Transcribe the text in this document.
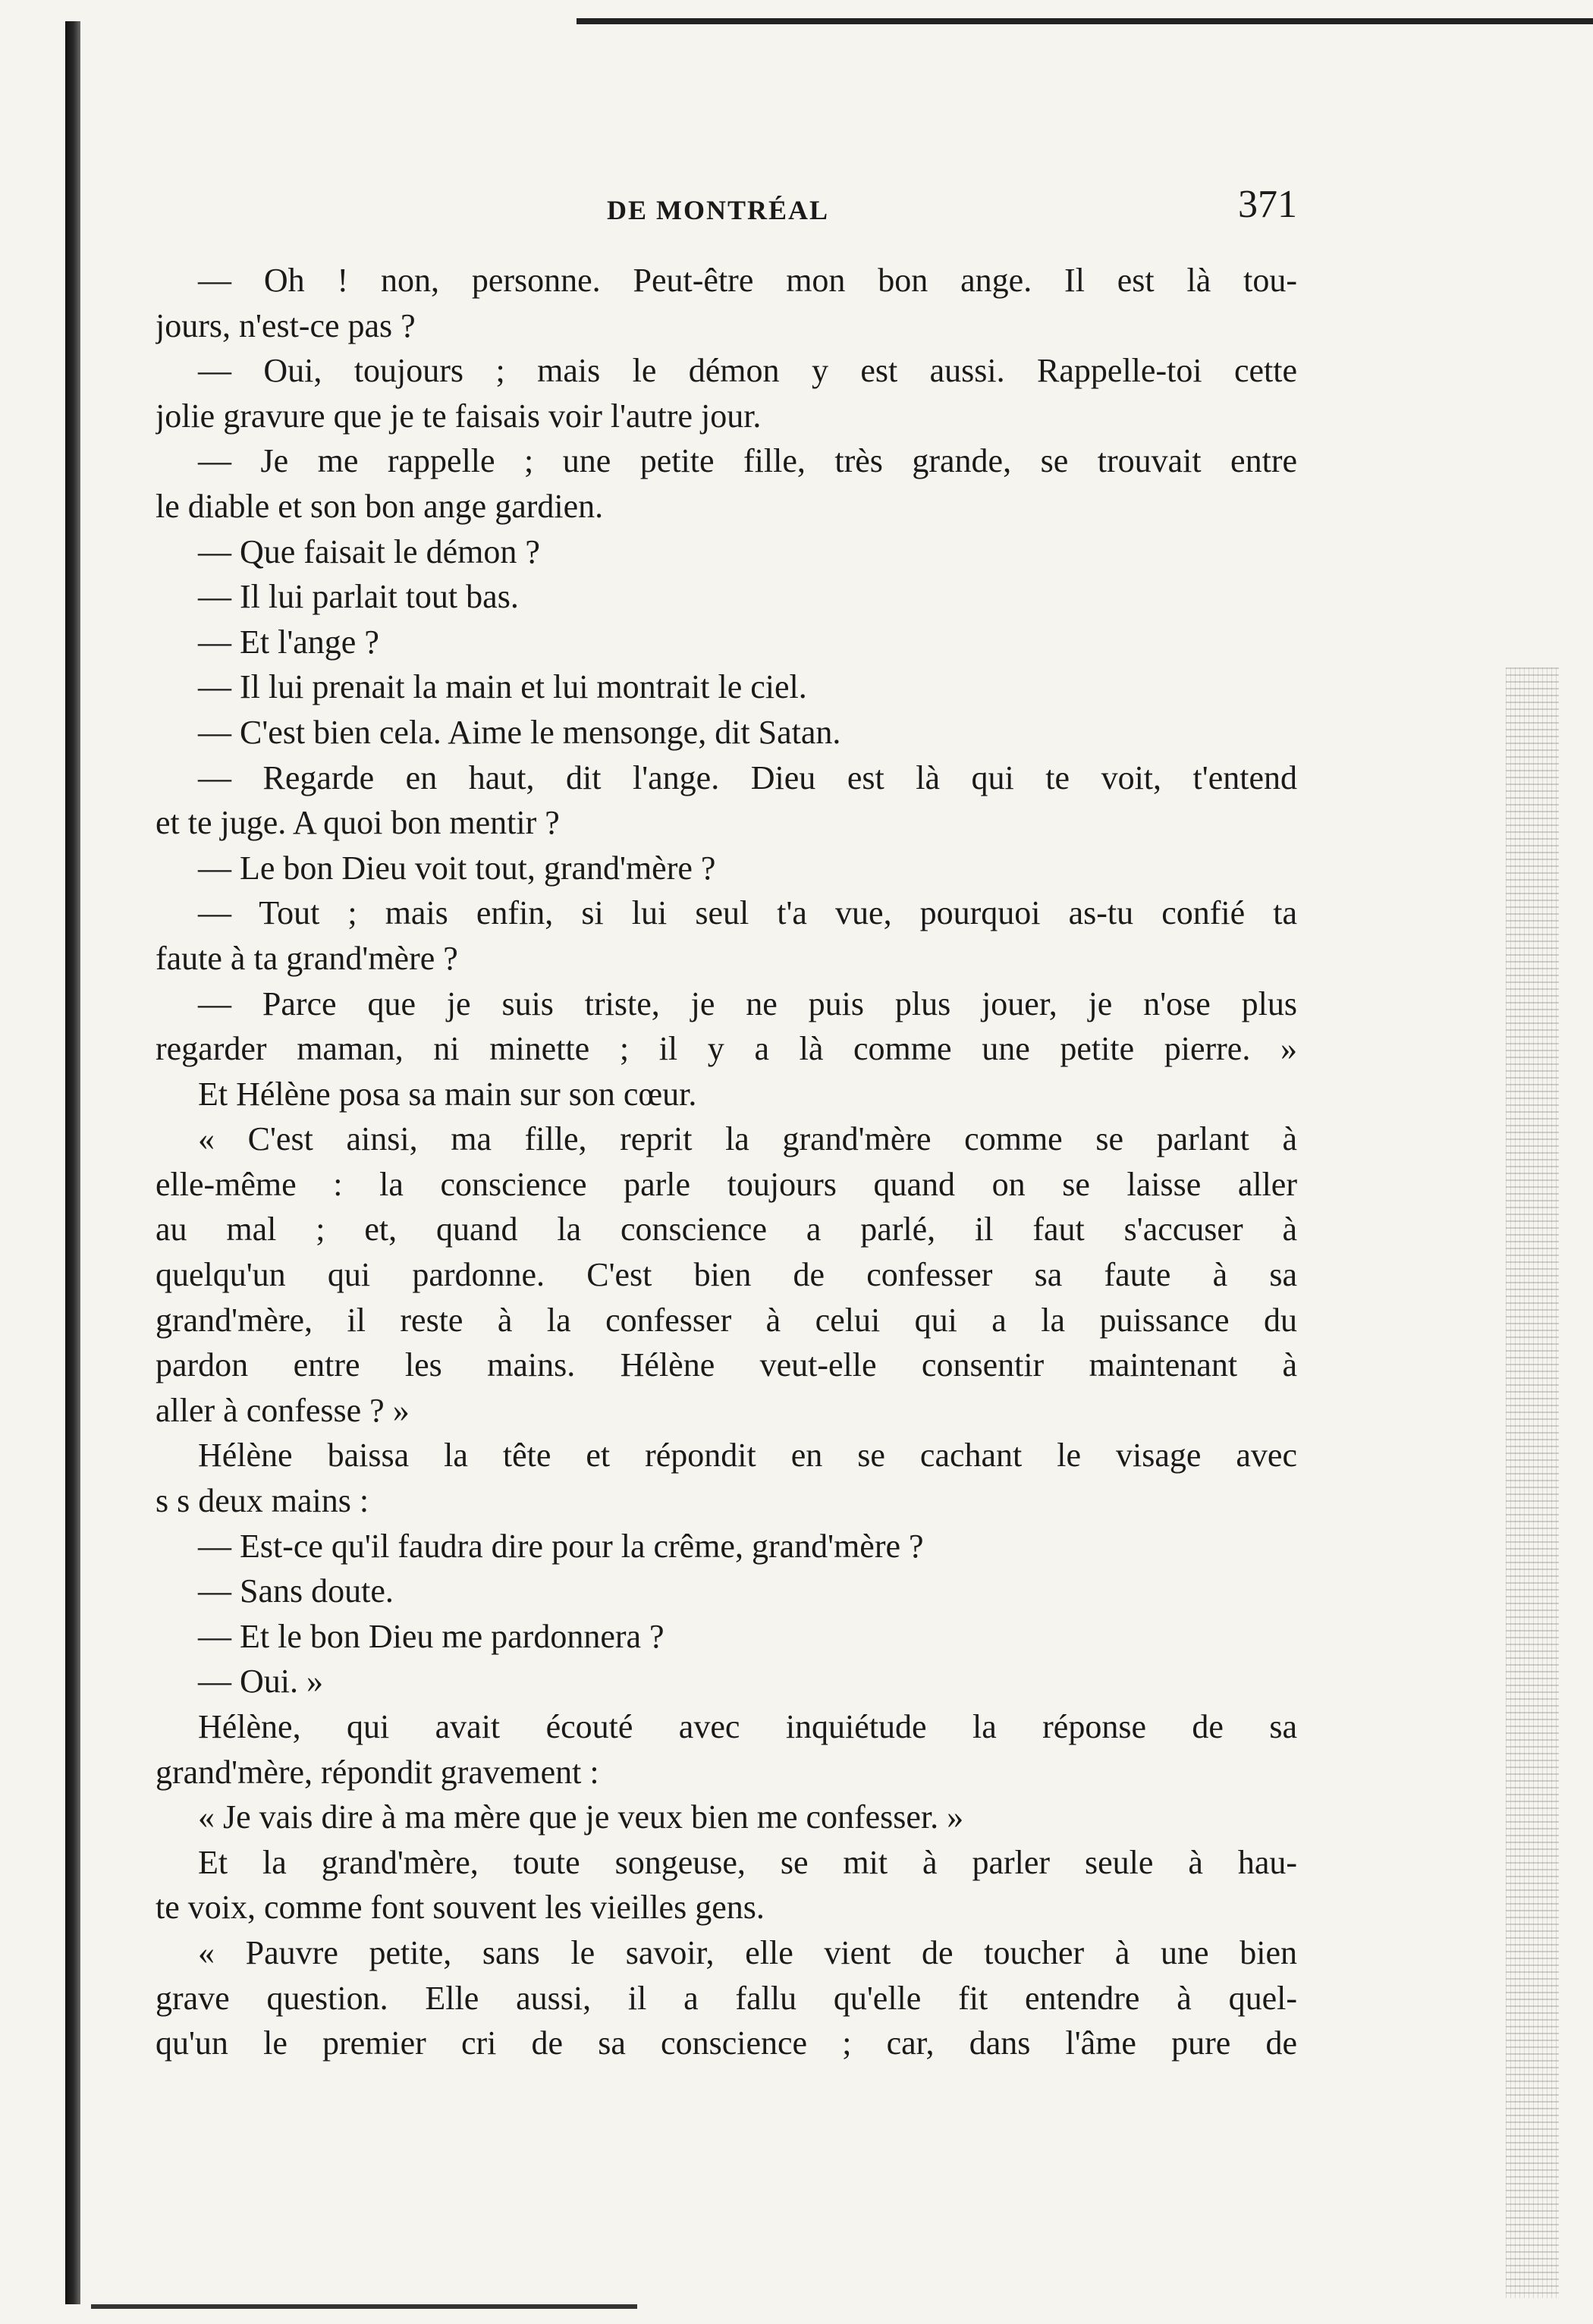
DE MONTRÉAL	371
— Oh ! non, personne. Peut-être mon bon ange. Il est là tou-
jours, n'est-ce pas ?
— Oui, toujours ; mais le démon y est aussi. Rappelle-toi cette
jolie gravure que je te faisais voir l'autre jour.
— Je me rappelle ; une petite fille, très grande, se trouvait entre
le diable et son bon ange gardien.
— Que faisait le démon ?
— Il lui parlait tout bas.
— Et l'ange ?
— Il lui prenait la main et lui montrait le ciel.
— C'est bien cela. Aime le mensonge, dit Satan.
— Regarde en haut, dit l'ange. Dieu est là qui te voit, t'entend
et te juge. A quoi bon mentir ?
— Le bon Dieu voit tout, grand'mère ?
— Tout ; mais enfin, si lui seul t'a vue, pourquoi as-tu confié ta
faute à ta grand'mère ?
— Parce que je suis triste, je ne puis plus jouer, je n'ose plus
regarder maman, ni minette ; il y a là comme une petite pierre. »
Et Hélène posa sa main sur son cœur.
« C'est ainsi, ma fille, reprit la grand'mère comme se parlant à
elle-même : la conscience parle toujours quand on se laisse aller
au mal ; et, quand la conscience a parlé, il faut s'accuser à
quelqu'un qui pardonne. C'est bien de confesser sa faute à sa
grand'mère, il reste à la confesser à celui qui a la puissance du
pardon entre les mains. Hélène veut-elle consentir maintenant à
aller à confesse ? »
Hélène baissa la tête et répondit en se cachant le visage avec
s s deux mains :
— Est-ce qu'il faudra dire pour la crême, grand'mère ?
— Sans doute.
— Et le bon Dieu me pardonnera ?
— Oui. »
Hélène, qui avait écouté avec inquiétude la réponse de sa
grand'mère, répondit gravement :
« Je vais dire à ma mère que je veux bien me confesser. »
Et la grand'mère, toute songeuse, se mit à parler seule à hau-
te voix, comme font souvent les vieilles gens.
« Pauvre petite, sans le savoir, elle vient de toucher à une bien
grave question. Elle aussi, il a fallu qu'elle fit entendre à quel-
qu'un le premier cri de sa conscience ; car, dans l'âme pure de
